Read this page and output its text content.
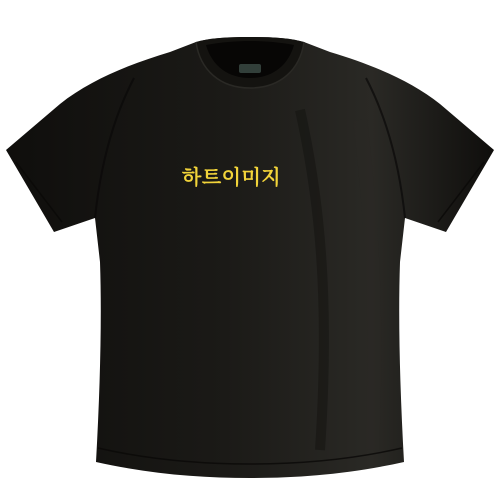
하트이미지
